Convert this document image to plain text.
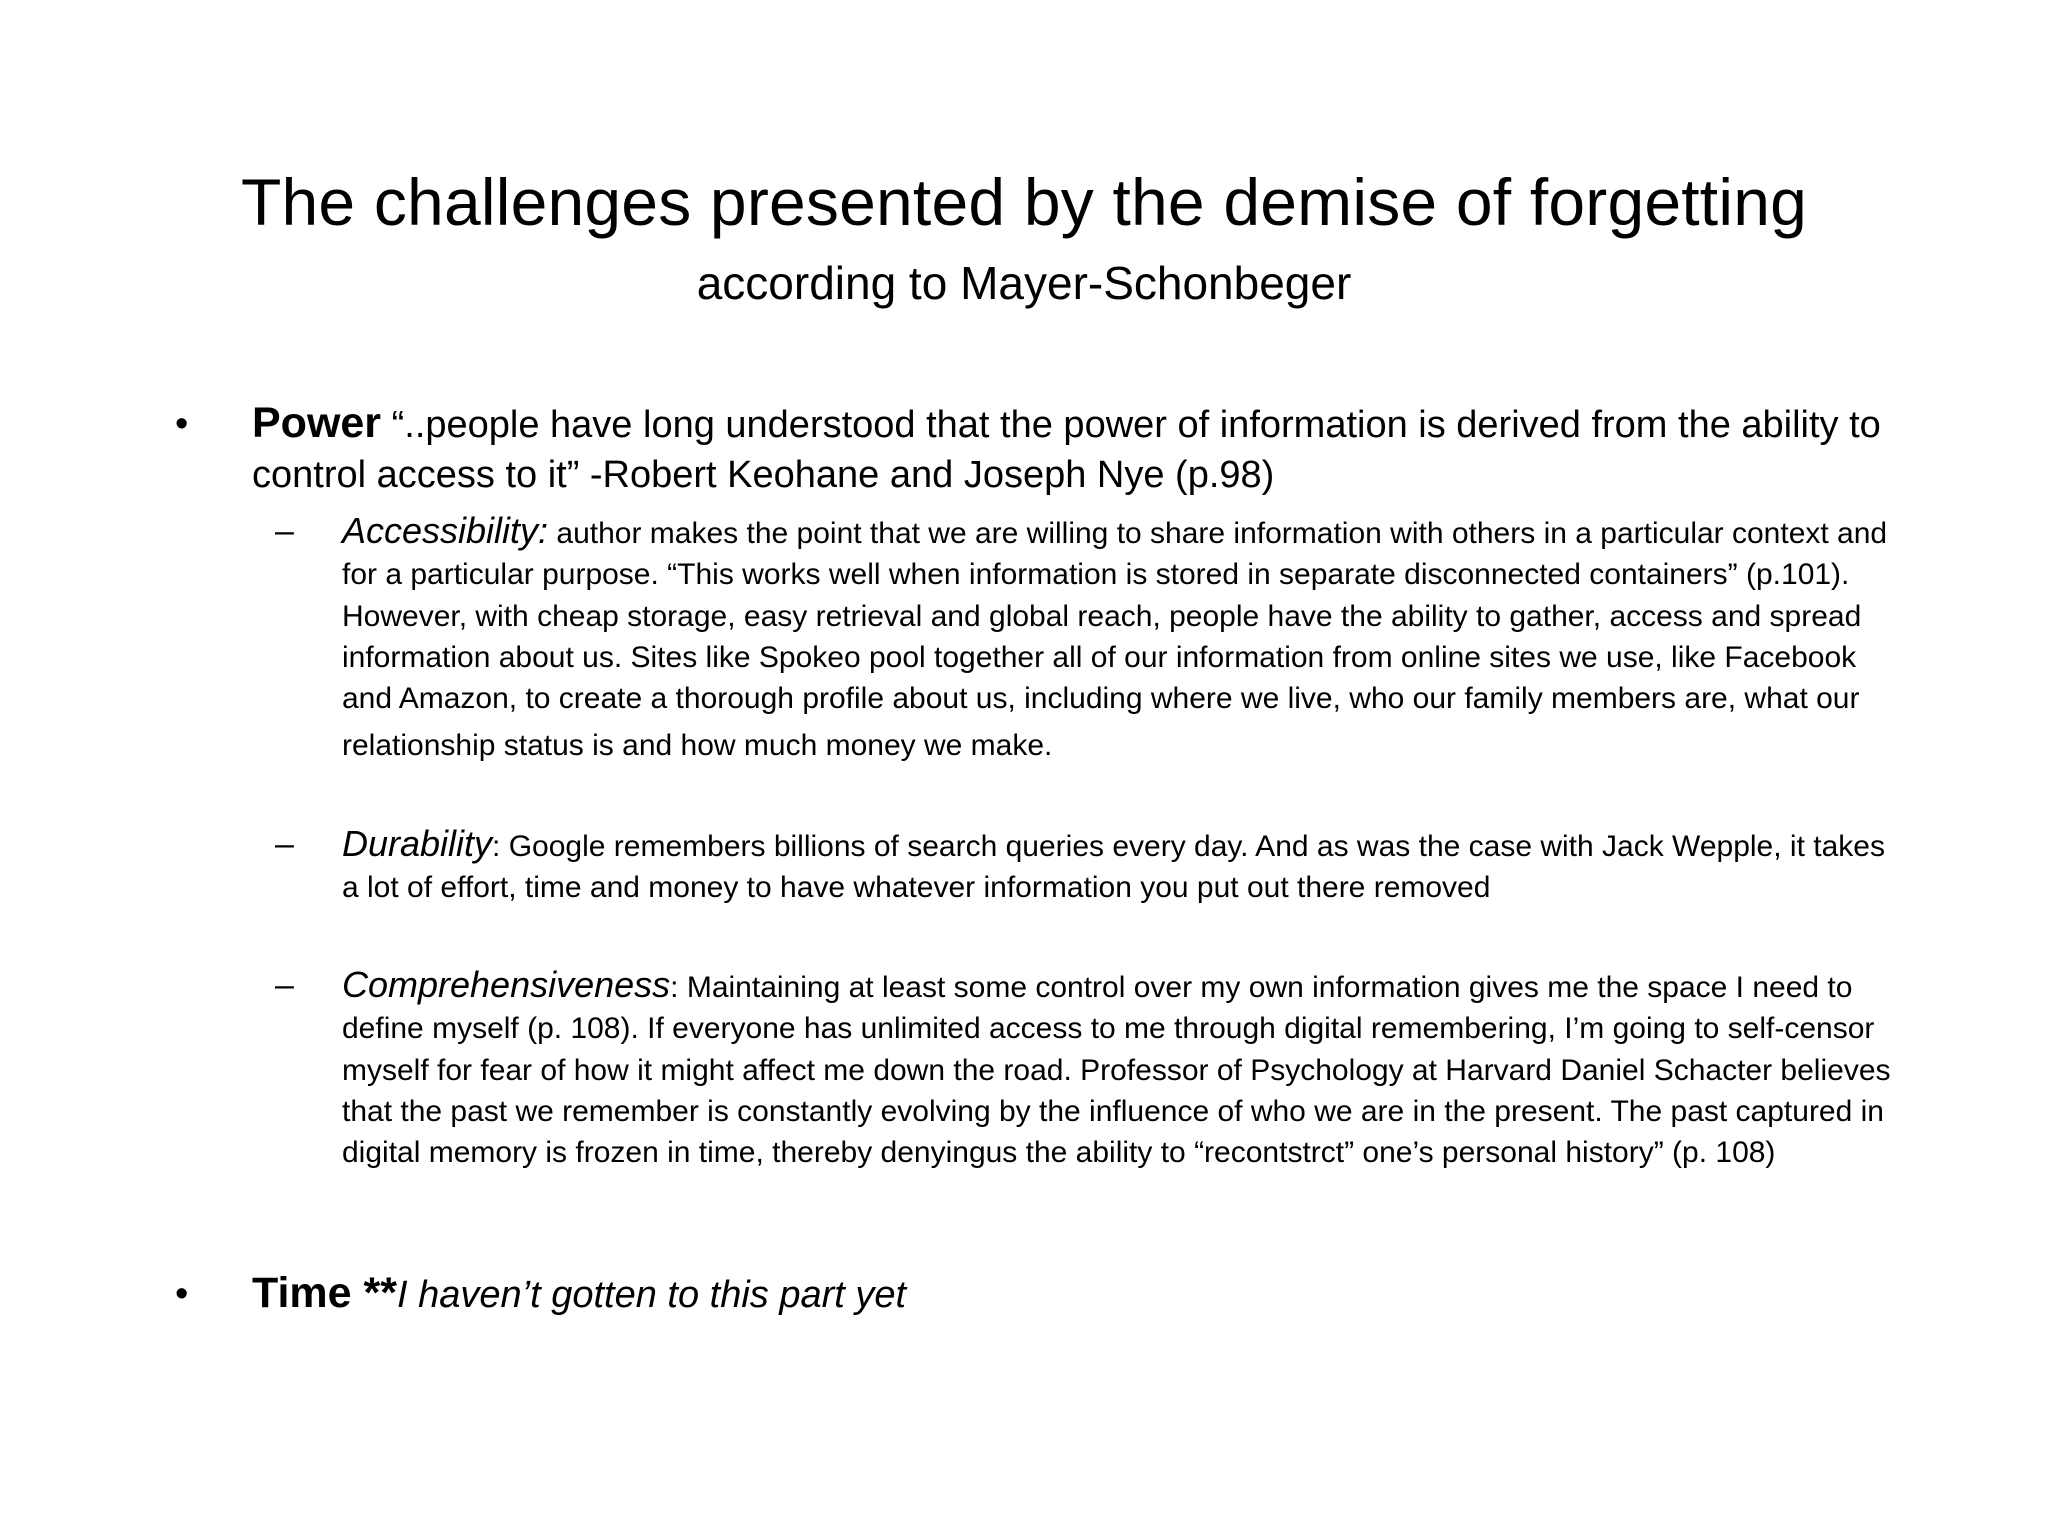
The challenges presented by the demise of forgetting
according to Mayer-Schonbeger
• Power “..people have long understood that the power of information is derived from the ability to control access to it” -Robert Keohane and Joseph Nye (p.98)
– Accessibility: author makes the point that we are willing to share information with others in a particular context and for a particular purpose. “This works well when information is stored in separate disconnected containers” (p.101). However, with cheap storage, easy retrieval and global reach, people have the ability to gather, access and spread information about us. Sites like Spokeo pool together all of our information from online sites we use, like Facebook and Amazon, to create a thorough profile about us, including where we live, who our family members are, what our
relationship status is and how much money we make.
– Durability: Google remembers billions of search queries every day. And as was the case with Jack Wepple, it takes a lot of effort, time and money to have whatever information you put out there removed
– Comprehensiveness: Maintaining at least some control over my own information gives me the space I need to define myself (p. 108). If everyone has unlimited access to me through digital remembering, I’m going to self-censor myself for fear of how it might affect me down the road. Professor of Psychology at Harvard Daniel Schacter believes that the past we remember is constantly evolving by the influence of who we are in the present. The past captured in digital memory is frozen in time, thereby denyingus the ability to “recontstrct” one’s personal history” (p. 108)
• Time **I haven’t gotten to this part yet
